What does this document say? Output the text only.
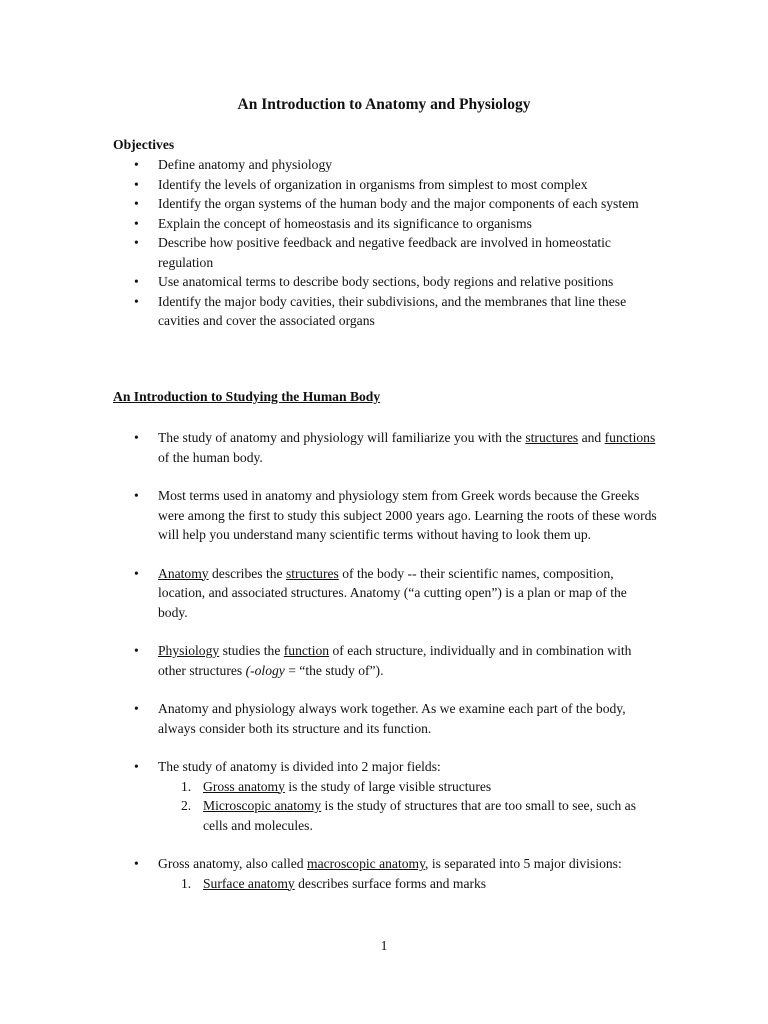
An Introduction to Anatomy and Physiology

Objectives

• Define anatomy and physiology
• Identify the levels of organization in organisms from simplest to most complex
• Identify the organ systems of the human body and the major components of each system
• Explain the concept of homeostasis and its significance to organisms
• Describe how positive feedback and negative feedback are involved in homeostatic regulation
• Use anatomical terms to describe body sections, body regions and relative positions
• Identify the major body cavities, their subdivisions, and the membranes that line these cavities and cover the associated organs

An Introduction to Studying the Human Body

• The study of anatomy and physiology will familiarize you with the structures and functions of the human body.
• Most terms used in anatomy and physiology stem from Greek words because the Greeks were among the first to study this subject 2000 years ago. Learning the roots of these words will help you understand many scientific terms without having to look them up.
• Anatomy describes the structures of the body -- their scientific names, composition, location, and associated structures. Anatomy (“a cutting open”) is a plan or map of the body.
• Physiology studies the function of each structure, individually and in combination with other structures (-ology = “the study of”).
• Anatomy and physiology always work together. As we examine each part of the body, always consider both its structure and its function.
• The study of anatomy is divided into 2 major fields:
1. Gross anatomy is the study of large visible structures
2. Microscopic anatomy is the study of structures that are too small to see, such as cells and molecules.
• Gross anatomy, also called macroscopic anatomy, is separated into 5 major divisions:
1. Surface anatomy describes surface forms and marks
1
